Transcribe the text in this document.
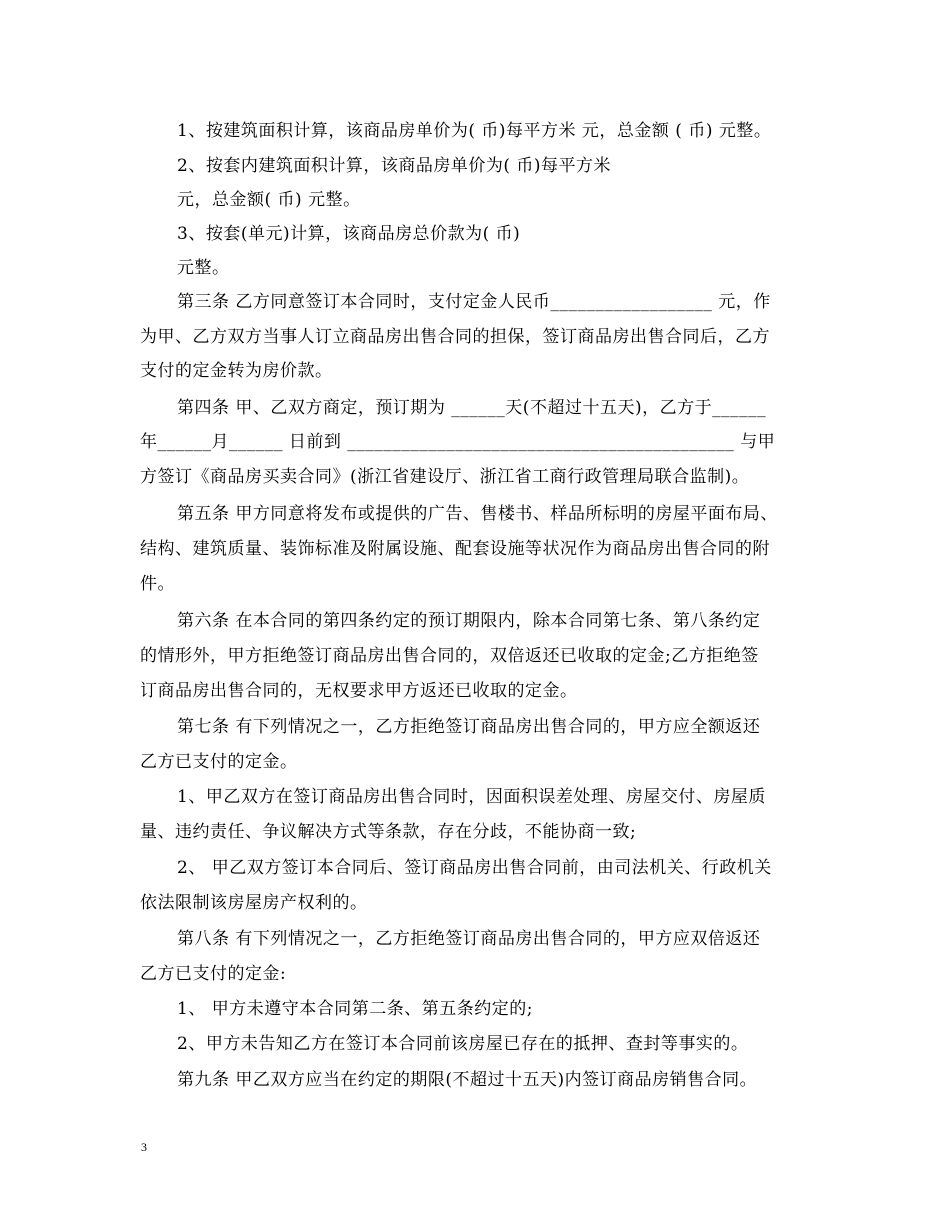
1、按建筑面积计算，该商品房单价为( 币)每平方米 元，总金额 ( 币) 元整。
2、按套内建筑面积计算，该商品房单价为( 币)每平方米
元，总金额( 币) 元整。
3、按套(单元)计算，该商品房总价款为( 币)
元整。
第三条 乙方同意签订本合同时，支付定金人民币__________________ 元，作
为甲、乙方双方当事人订立商品房出售合同的担保，签订商品房出售合同后，乙方
支付的定金转为房价款。
第四条 甲、乙双方商定，预订期为 ______天(不超过十五天)，乙方于______
年______月______ 日前到 ___________________________________________ 与甲
方签订《商品房买卖合同》(浙江省建设厅、浙江省工商行政管理局联合监制)。
第五条 甲方同意将发布或提供的广告、售楼书、样品所标明的房屋平面布局、
结构、建筑质量、装饰标准及附属设施、配套设施等状况作为商品房出售合同的附
件。
第六条 在本合同的第四条约定的预订期限内，除本合同第七条、第八条约定
的情形外，甲方拒绝签订商品房出售合同的，双倍返还已收取的定金;乙方拒绝签
订商品房出售合同的，无权要求甲方返还已收取的定金。
第七条 有下列情况之一，乙方拒绝签订商品房出售合同的，甲方应全额返还
乙方已支付的定金。
1、甲乙双方在签订商品房出售合同时，因面积误差处理、房屋交付、房屋质
量、违约责任、争议解决方式等条款，存在分歧，不能协商一致;
2、 甲乙双方签订本合同后、签订商品房出售合同前，由司法机关、行政机关
依法限制该房屋房产权利的。
第八条 有下列情况之一，乙方拒绝签订商品房出售合同的，甲方应双倍返还
乙方已支付的定金:
1、 甲方未遵守本合同第二条、第五条约定的;
2、甲方未告知乙方在签订本合同前该房屋已存在的抵押、查封等事实的。
第九条 甲乙双方应当在约定的期限(不超过十五天)内签订商品房销售合同。
3
